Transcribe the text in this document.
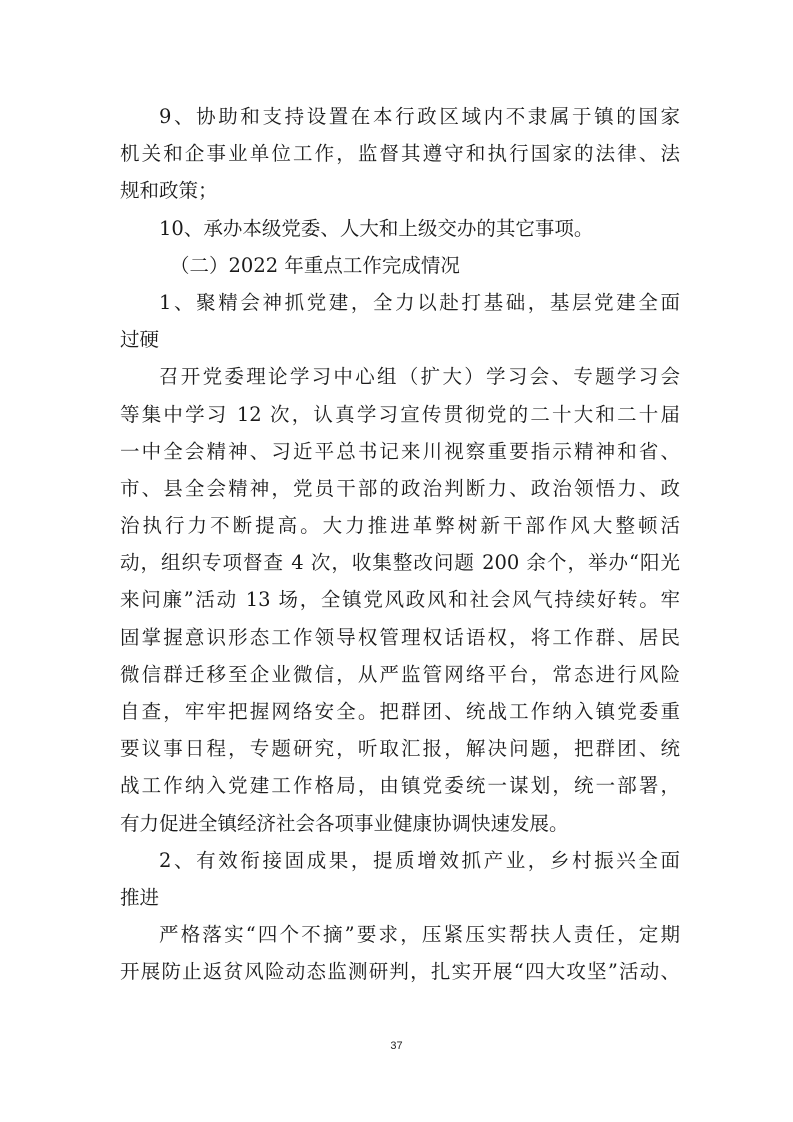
9、协助和支持设置在本行政区域内不隶属于镇的国家
机关和企事业单位工作，监督其遵守和执行国家的法律、法
规和政策；
10、承办本级党委、人大和上级交办的其它事项。
（二）2022 年重点工作完成情况
1、聚精会神抓党建，全力以赴打基础，基层党建全面
过硬
召开党委理论学习中心组（扩大）学习会、专题学习会
等集中学习 12 次，认真学习宣传贯彻党的二十大和二十届
一中全会精神、习近平总书记来川视察重要指示精神和省、
市、县全会精神，党员干部的政治判断力、政治领悟力、政
治执行力不断提高。大力推进革弊树新干部作风大整顿活
动，组织专项督查 4 次，收集整改问题 200 余个，举办“阳光
来问廉”活动 13 场，全镇党风政风和社会风气持续好转。牢
固掌握意识形态工作领导权管理权话语权，将工作群、居民
微信群迁移至企业微信，从严监管网络平台，常态进行风险
自查，牢牢把握网络安全。把群团、统战工作纳入镇党委重
要议事日程，专题研究，听取汇报，解决问题，把群团、统
战工作纳入党建工作格局，由镇党委统一谋划，统一部署，
有力促进全镇经济社会各项事业健康协调快速发展。
2、有效衔接固成果，提质增效抓产业，乡村振兴全面
推进
严格落实“四个不摘”要求，压紧压实帮扶人责任，定期
开展防止返贫风险动态监测研判，扎实开展“四大攻坚”活动、
37
